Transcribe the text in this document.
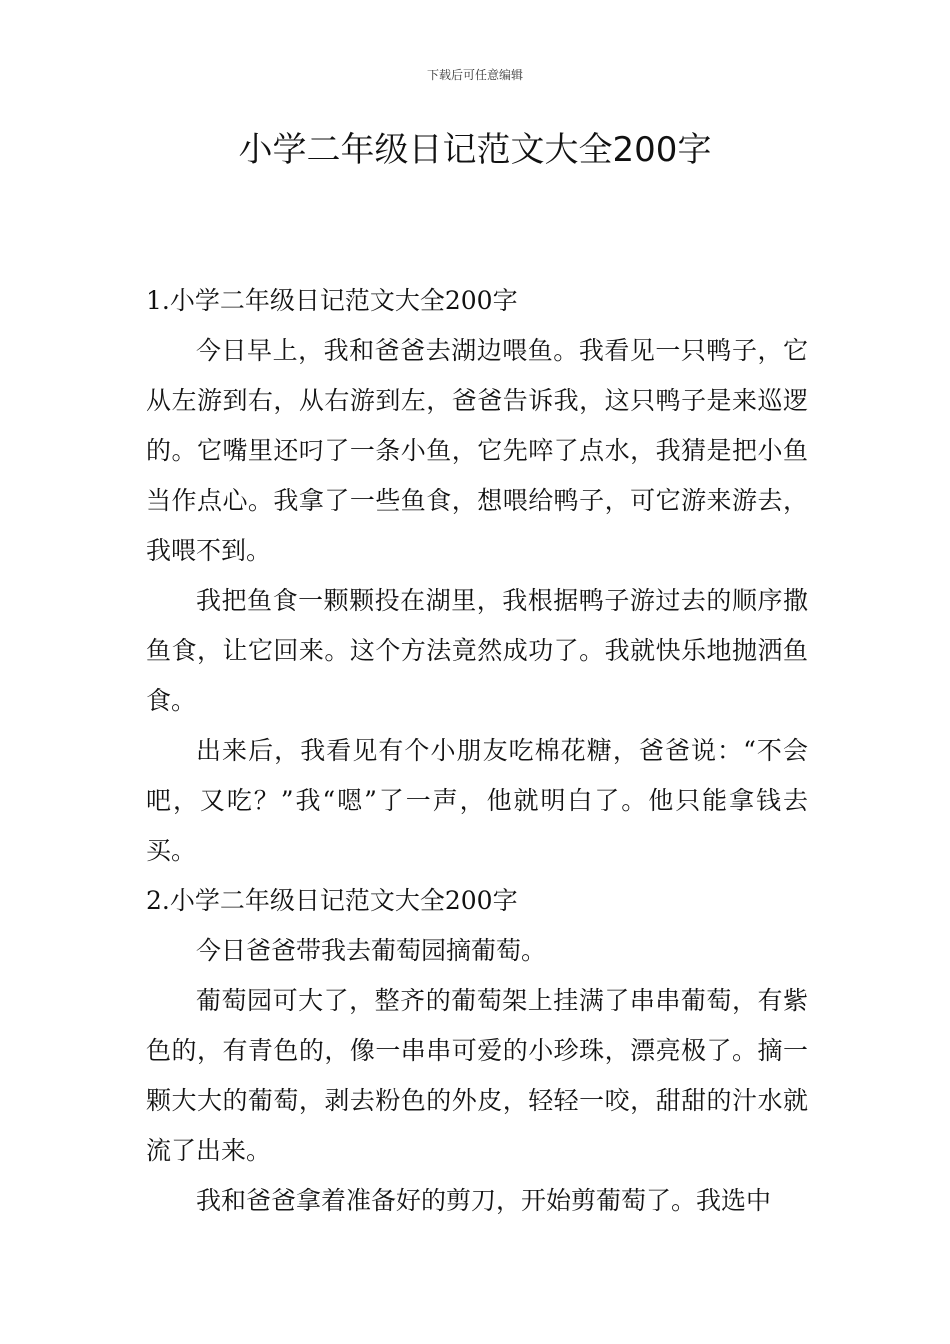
下载后可任意编辑
小学二年级日记范文大全200字

1.小学二年级日记范文大全200字

今日早上，我和爸爸去湖边喂鱼。我看见一只鸭子，它从左游到右，从右游到左，爸爸告诉我，这只鸭子是来巡逻的。它嘴里还叼了一条小鱼，它先啐了点水，我猜是把小鱼当作点心。我拿了一些鱼食，想喂给鸭子，可它游来游去，我喂不到。

我把鱼食一颗颗投在湖里，我根据鸭子游过去的顺序撒鱼食，让它回来。这个方法竟然成功了。我就快乐地抛洒鱼食。

出来后，我看见有个小朋友吃棉花糖，爸爸说：“不会吧，又吃？”我“嗯”了一声，他就明白了。他只能拿钱去买。

2.小学二年级日记范文大全200字

今日爸爸带我去葡萄园摘葡萄。

葡萄园可大了，整齐的葡萄架上挂满了串串葡萄，有紫色的，有青色的，像一串串可爱的小珍珠，漂亮极了。摘一颗大大的葡萄，剥去粉色的外皮，轻轻一咬，甜甜的汁水就流了出来。

我和爸爸拿着准备好的剪刀，开始剪葡萄了。我选中
